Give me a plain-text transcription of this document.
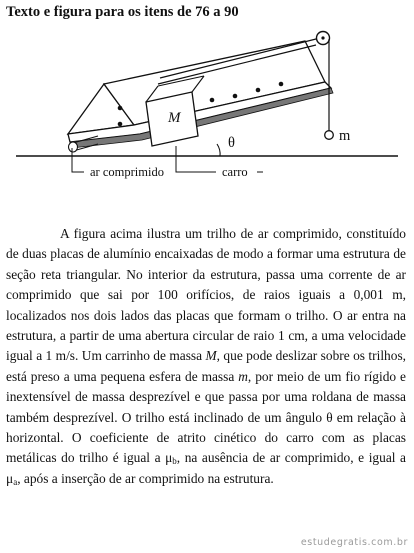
Texto e figura para os itens de 76 a 90
M
m
θ
ar comprimido	carro
A figura acima ilustra um trilho de ar comprimido, constituído de duas placas de alumínio encaixadas de modo a formar uma estrutura de seção reta triangular. No interior da estrutura, passa uma corrente de ar comprimido que sai por 100 orifícios, de raios iguais a 0,001 m, localizados nos dois lados das placas que formam o trilho. O ar entra na estrutura, a partir de uma abertura circular de raio 1 cm, a uma velocidade igual a 1 m/s. Um carrinho de massa M, que pode deslizar sobre os trilhos, está preso a uma pequena esfera de massa m, por meio de um fio rígido e inextensível de massa desprezível e que passa por uma roldana de massa também desprezível. O trilho está inclinado de um ângulo θ em relação à horizontal. O coeficiente de atrito cinético do carro com as placas metálicas do trilho é igual a $\mu_b$, na ausência de ar comprimido, e igual a $\mu_a$, após a inserção de ar comprimido na estrutura.
estudegratis.com.br
